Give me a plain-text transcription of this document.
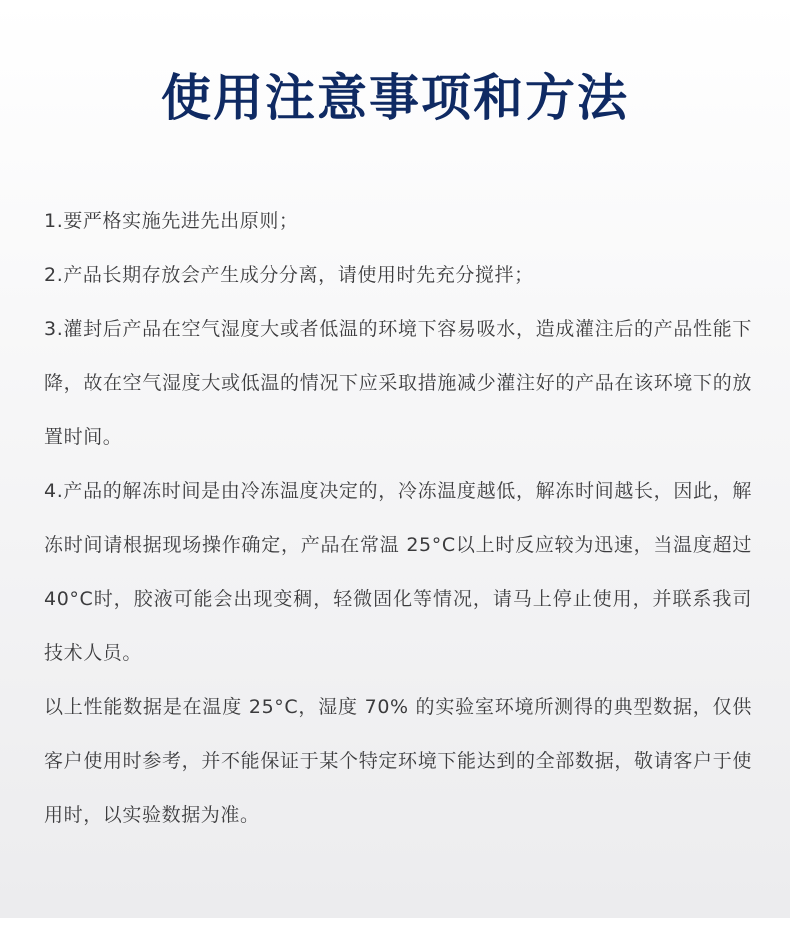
使用注意事项和方法
1.要严格实施先进先出原则；
2.产品长期存放会产生成分分离，请使用时先充分搅拌；
3.灌封后产品在空气湿度大或者低温的环境下容易吸水，造成灌注后的产品性能下降，故在空气湿度大或低温的情况下应采取措施减少灌注好的产品在该环境下的放置时间。
4.产品的解冻时间是由冷冻温度决定的，冷冻温度越低，解冻时间越长，因此，解冻时间请根据现场操作确定，产品在常温 25°C以上时反应较为迅速，当温度超过 40°C时，胶液可能会出现变稠，轻微固化等情况，请马上停止使用，并联系我司技术人员。
以上性能数据是在温度 25°C，湿度 70% 的实验室环境所测得的典型数据，仅供客户使用时参考，并不能保证于某个特定环境下能达到的全部数据，敬请客户于使用时，以实验数据为准。
